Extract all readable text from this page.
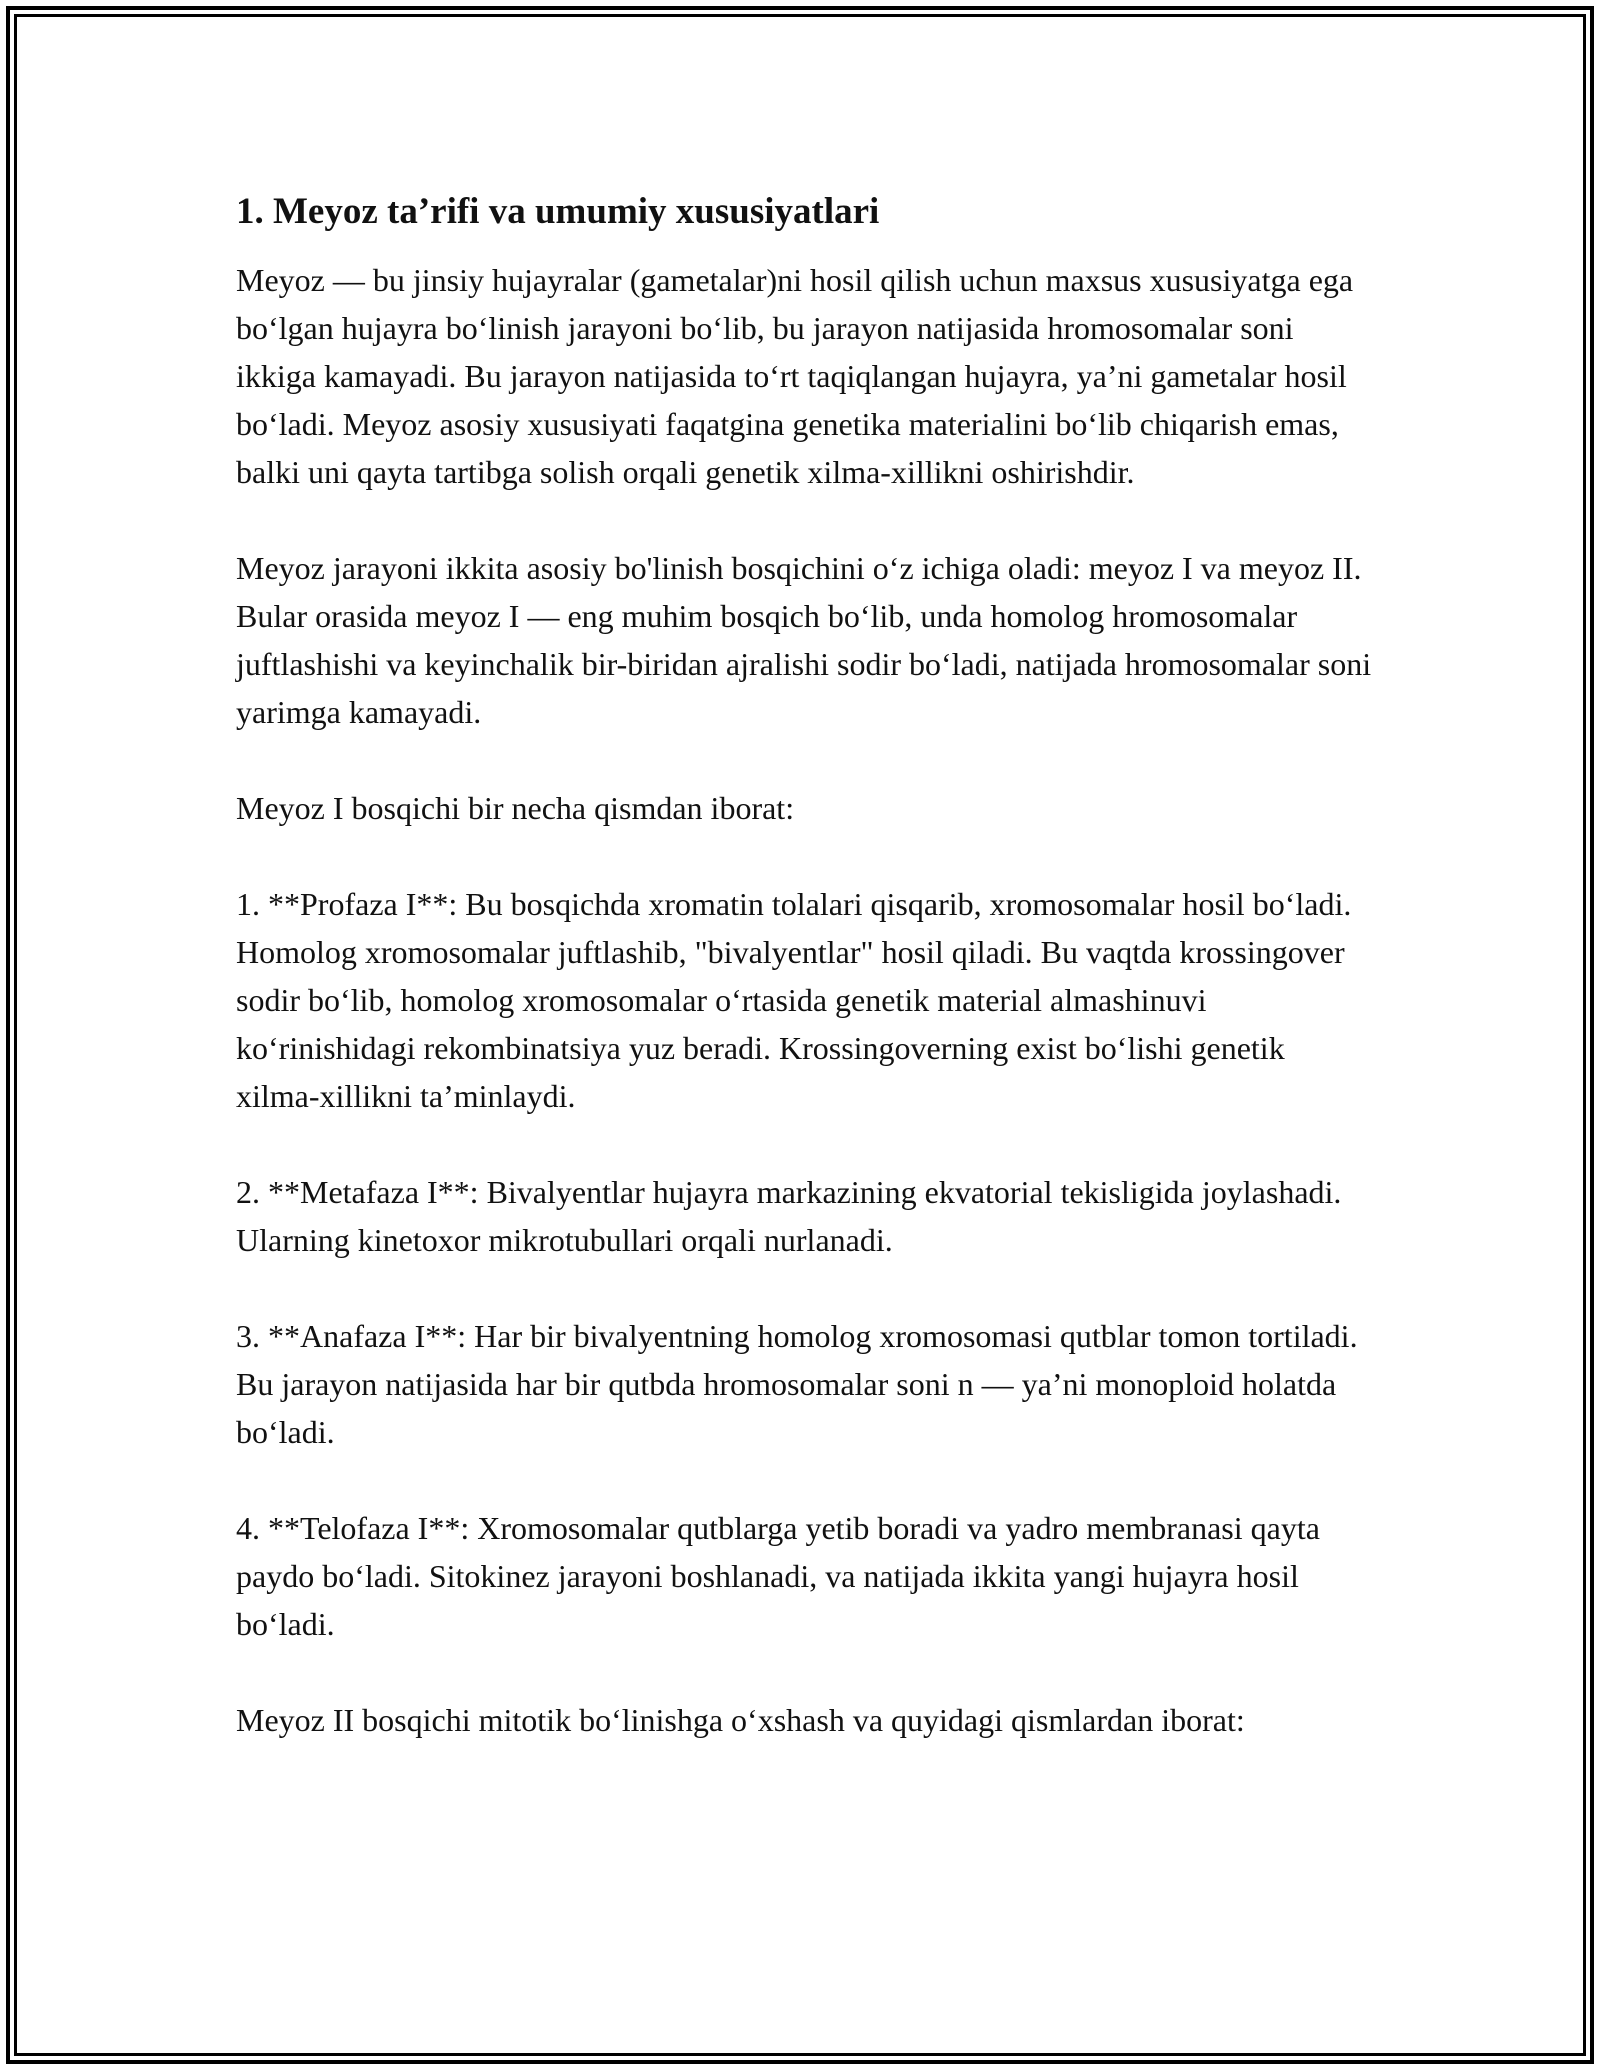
1. Meyoz ta’rifi va umumiy xususiyatlari

Meyoz — bu jinsiy hujayralar (gametalar)ni hosil qilish uchun maxsus xususiyatga ega bo‘lgan hujayra bo‘linish jarayoni bo‘lib, bu jarayon natijasida hromosomalar soni ikkiga kamayadi. Bu jarayon natijasida to‘rt taqiqlangan hujayra, ya’ni gametalar hosil bo‘ladi. Meyoz asosiy xususiyati faqatgina genetika materialini bo‘lib chiqarish emas, balki uni qayta tartibga solish orqali genetik xilma-xillikni oshirishdir.

Meyoz jarayoni ikkita asosiy bo'linish bosqichini o‘z ichiga oladi: meyoz I va meyoz II. Bular orasida meyoz I — eng muhim bosqich bo‘lib, unda homolog hromosomalar juftlashishi va keyinchalik bir-biridan ajralishi sodir bo‘ladi, natijada hromosomalar soni yarimga kamayadi.

Meyoz I bosqichi bir necha qismdan iborat:

1. **Profaza I**: Bu bosqichda xromatin tolalari qisqarib, xromosomalar hosil bo‘ladi. Homolog xromosomalar juftlashib, "bivalyentlar" hosil qiladi. Bu vaqtda krossingover sodir bo‘lib, homolog xromosomalar o‘rtasida genetik material almashinuvi ko‘rinishidagi rekombinatsiya yuz beradi. Krossingoverning exist bo‘lishi genetik xilma-xillikni ta’minlaydi.

2. **Metafaza I**: Bivalyentlar hujayra markazining ekvatorial tekisligida joylashadi. Ularning kinetoxor mikrotubullari orqali nurlanadi.

3. **Anafaza I**: Har bir bivalyentning homolog xromosomasi qutblar tomon tortiladi. Bu jarayon natijasida har bir qutbda hromosomalar soni n — ya’ni monoploid holatda bo‘ladi.

4. **Telofaza I**: Xromosomalar qutblarga yetib boradi va yadro membranasi qayta paydo bo‘ladi. Sitokinez jarayoni boshlanadi, va natijada ikkita yangi hujayra hosil bo‘ladi.

Meyoz II bosqichi mitotik bo‘linishga o‘xshash va quyidagi qismlardan iborat:
